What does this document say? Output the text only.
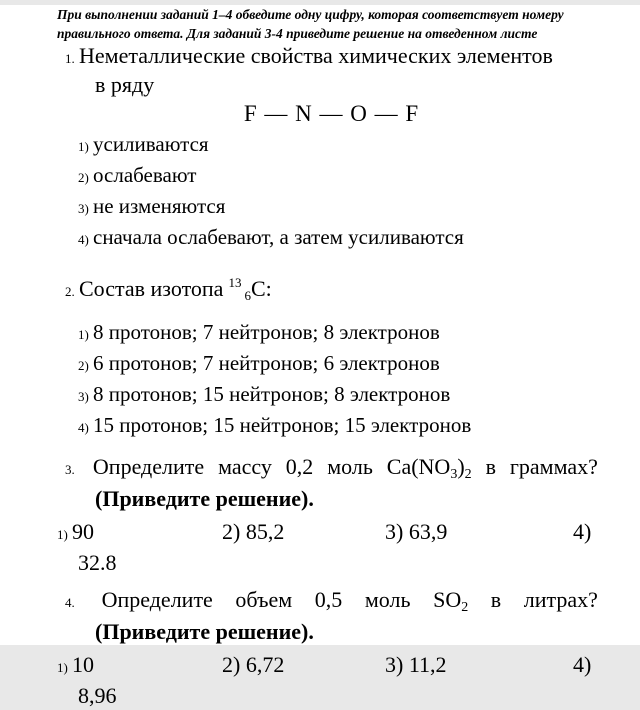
При выполнении заданий 1–4 обведите одну цифру, которая соответствует номеру
правильного ответа. Для заданий 3-4 приведите решение на отведенном листе
1. Неметаллические свойства химических элементов
в ряду
F — N — O — F
1) усиливаются
2) ослабевают
3) не изменяются
4) сначала ослабевают, а затем усиливаются
2. Состав изотопа $^{13}_6$C:
1) 8 протонов; 7 нейтронов; 8 электронов
2) 6 протонов; 7 нейтронов; 6 электронов
3) 8 протонов; 15 нейтронов; 8 электронов
4) 15 протонов; 15 нейтронов; 15 электронов
3. Определите массу 0,2 моль $Ca(NO_3)_2$ в граммах?
(Приведите решение).
1) 90	2) 85,2	3) 63,9	4)
32.8
4. Определите объем 0,5 моль $SO_2$ в литрах?
(Приведите решение).
1) 10	2) 6,72	3) 11,2	4)
8,96
